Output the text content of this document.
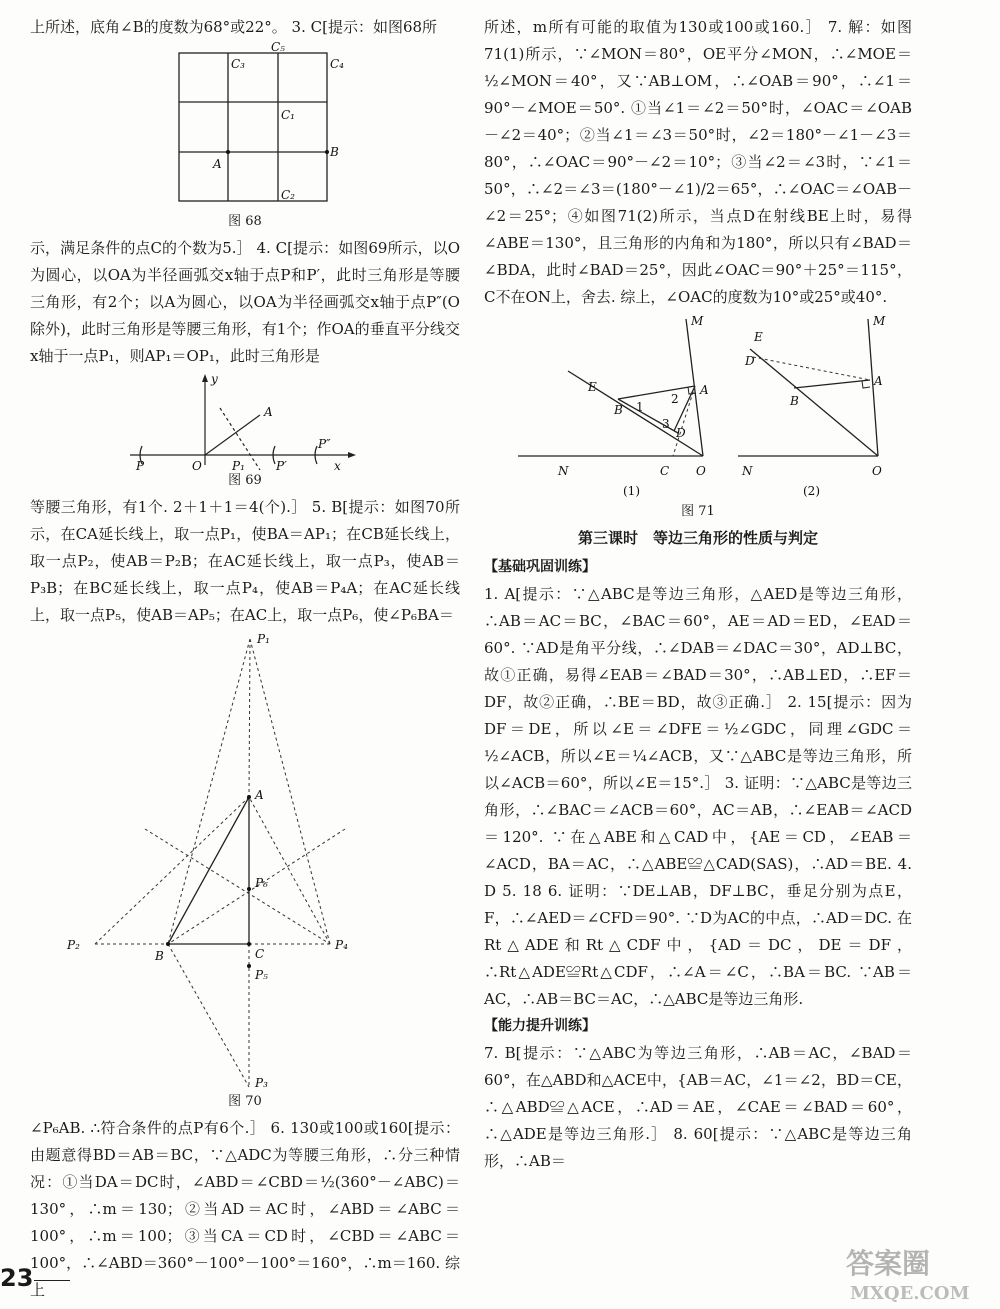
上所述，底角∠B的度数为68°或22°。 3. C[提示：如图68所

C₅
C₃	C₄
C₁
B
A
C₂
图 68

示，满足条件的点C的个数为5.］ 4. C[提示：如图69所示，以O为圆心，以OA为半径画弧交x轴于点P和P′，此时三角形是等腰三角形，有2个；以A为圆心，以OA为半径画弧交x轴于点P″(O除外)，此时三角形是等腰三角形，有1个；作OA的垂直平分线交x轴于一点P₁，则AP₁＝OP₁，此时三角形是

y
A
P	O	P₁	P′
P″
x
图 69

等腰三角形，有1个. 2＋1＋1＝4(个).］ 5. B[提示：如图70所示，在CA延长线上，取一点P₁，使BA＝AP₁；在CB延长线上，取一点P₂，使AB＝P₂B；在AC延长线上，取一点P₃，使AB＝P₃B；在BC延长线上，取一点P₄，使AB＝P₄A；在AC延长线上，取一点P₅，使AB＝AP₅；在AC上，取一点P₆，使∠P₆BA＝

P₁
A
P₆
P₂
B	C
P₄
P₅
P₃
图 70

∠P₆AB. ∴符合条件的点P有6个.］ 6. 130或100或160[提示：由题意得BD＝AB＝BC，∵△ADC为等腰三角形，∴分三种情况：①当DA＝DC时，∠ABD＝∠CBD＝½(360°－∠ABC)＝130°，∴m＝130；②当AD＝AC时，∠ABD＝∠ABC＝100°，∴m＝100；③当CA＝CD时，∠CBD＝∠ABC＝100°，∴∠ABD＝360°－100°－100°＝160°，∴m＝160. 综上

所述，m所有可能的取值为130或100或160.］ 7. 解：如图71(1)所示，∵∠MON＝80°，OE平分∠MON，∴∠MOE＝½∠MON＝40°，又∵AB⊥OM，∴∠OAB＝90°，∴∠1＝90°－∠MOE＝50°. ①当∠1＝∠2＝50°时，∠OAC＝∠OAB－∠2＝40°；②当∠1＝∠3＝50°时，∠2＝180°－∠1－∠3＝80°，∴∠OAC＝90°－∠2＝10°；③当∠2＝∠3时，∵∠1＝50°，∴∠2＝∠3＝(180°－∠1)/2＝65°，∴∠OAC＝∠OAB－∠2＝25°；④如图71(2)所示，当点D在射线BE上时，易得∠ABE＝130°，且三角形的内角和为180°，所以只有∠BAD＝∠BDA，此时∠BAD＝25°，因此∠OAC＝90°＋25°＝115°，C不在ON上，舍去. 综上，∠OAC的度数为10°或25°或40°.

M
E	A
B 1
2
3
D
N	C O
M
E
D
A
B
N	O
(1)	(2)
图 71
第三课时　等边三角形的性质与判定

【基础巩固训练】

1. A[提示：∵△ABC是等边三角形，△AED是等边三角形，∴AB＝AC＝BC，∠BAC＝60°，AE＝AD＝ED，∠EAD＝60°. ∵AD是角平分线，∴∠DAB＝∠DAC＝30°，AD⊥BC，故①正确，易得∠EAB＝∠BAD＝30°，∴AB⊥ED，∴EF＝DF，故②正确，∴BE＝BD，故③正确.］ 2. 15[提示：因为DF＝DE，所以∠E＝∠DFE＝½∠GDC，同理∠GDC＝½∠ACB，所以∠E＝¼∠ACB，又∵△ABC是等边三角形，所以∠ACB＝60°，所以∠E＝15°.］ 3. 证明：∵△ABC是等边三角形，∴∠BAC＝∠ACB＝60°，AC＝AB，∴∠EAB＝∠ACD＝120°. ∵在△ABE和△CAD中，{AE＝CD，∠EAB＝∠ACD，BA＝AC，∴△ABE≌△CAD(SAS)，∴AD＝BE. 4. D 5. 18 6. 证明：∵DE⊥AB，DF⊥BC，垂足分别为点E，F，∴∠AED＝∠CFD＝90°. ∵D为AC的中点，∴AD＝DC. 在Rt△ADE和Rt△CDF中，{AD＝DC，DE＝DF，∴Rt△ADE≌Rt△CDF，∴∠A＝∠C，∴BA＝BC. ∵AB＝AC，∴AB＝BC＝AC，∴△ABC是等边三角形.

【能力提升训练】

7. B[提示：∵△ABC为等边三角形，∴AB＝AC，∠BAD＝60°，在△ABD和△ACE中，{AB＝AC，∠1＝∠2，BD＝CE，∴△ABD≌△ACE，∴AD＝AE，∠CAE＝∠BAD＝60°，∴△ADE是等边三角形.］ 8. 60[提示：∵△ABC是等边三角形，∴AB＝

23	答案圈
MXQE.COM
